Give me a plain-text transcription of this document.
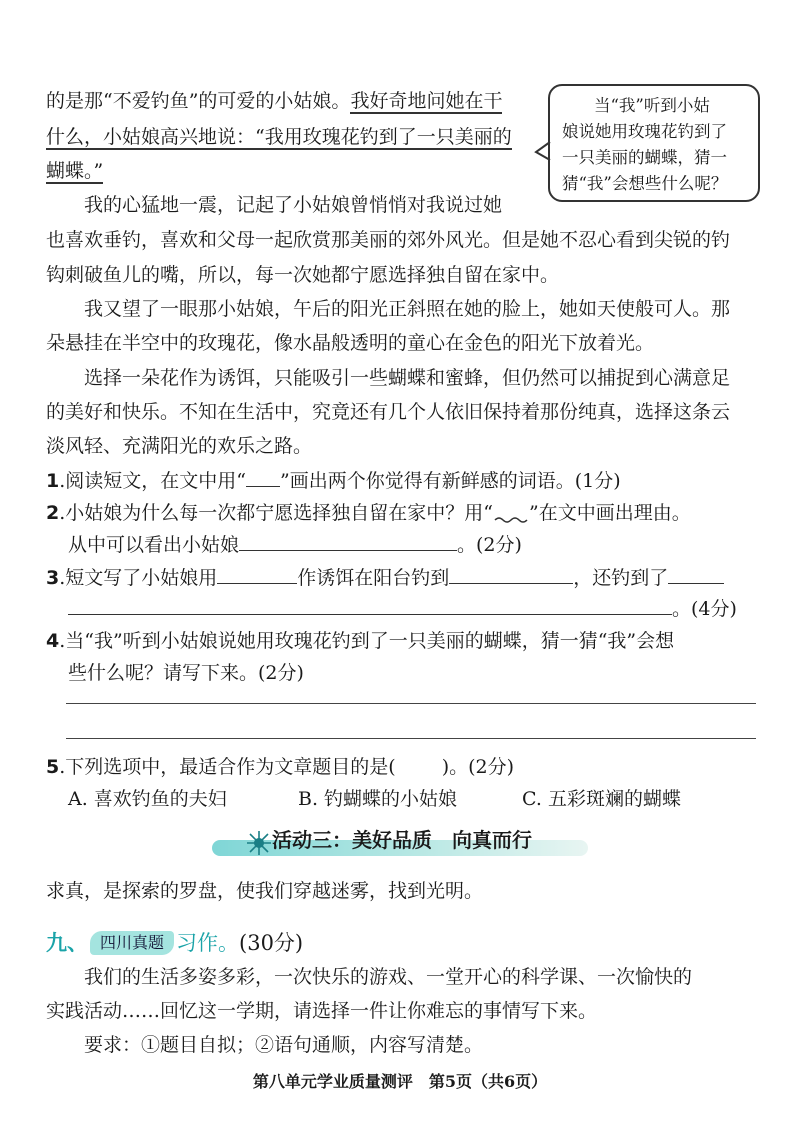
的是那“不爱钓鱼”的可爱的小姑娘。我好奇地问她在干
什么，小姑娘高兴地说：“我用玫瑰花钓到了一只美丽的
蝴蝶。”
当“我”听到小姑
娘说她用玫瑰花钓到了
一只美丽的蝴蝶，猜一
猜“我”会想些什么呢？
我的心猛地一震，记起了小姑娘曾悄悄对我说过她
也喜欢垂钓，喜欢和父母一起欣赏那美丽的郊外风光。但是她不忍心看到尖锐的钓
钩刺破鱼儿的嘴，所以，每一次她都宁愿选择独自留在家中。
我又望了一眼那小姑娘，午后的阳光正斜照在她的脸上，她如天使般可人。那
朵悬挂在半空中的玫瑰花，像水晶般透明的童心在金色的阳光下放着光。
选择一朵花作为诱饵，只能吸引一些蝴蝶和蜜蜂，但仍然可以捕捉到心满意足
的美好和快乐。不知在生活中，究竟还有几个人依旧保持着那份纯真，选择这条云
淡风轻、充满阳光的欢乐之路。
1.阅读短文，在文中用“ ”画出两个你觉得有新鲜感的词语。(1分)
2.小姑娘为什么每一次都宁愿选择独自留在家中？用“ ”在文中画出理由。
从中可以看出小姑娘	。(2分)
3.短文写了小姑娘用	作诱饵在阳台钓到	，还钓到了
。(4分)
4.当“我”听到小姑娘说她用玫瑰花钓到了一只美丽的蝴蝶，猜一猜“我”会想
些什么呢？请写下来。(2分)
5.下列选项中，最适合作为文章题目的是( )。(2分)
A. 喜欢钓鱼的夫妇	B. 钓蝴蝶的小姑娘	C. 五彩斑斓的蝴蝶
活动三：美好品质　向真而行
求真，是探索的罗盘，使我们穿越迷雾，找到光明。
九、 四川真题 习作。(30分)
我们的生活多姿多彩，一次快乐的游戏、一堂开心的科学课、一次愉快的
实践活动……回忆这一学期，请选择一件让你难忘的事情写下来。
要求：①题目自拟；②语句通顺，内容写清楚。
第八单元学业质量测评　第5页（共6页）
